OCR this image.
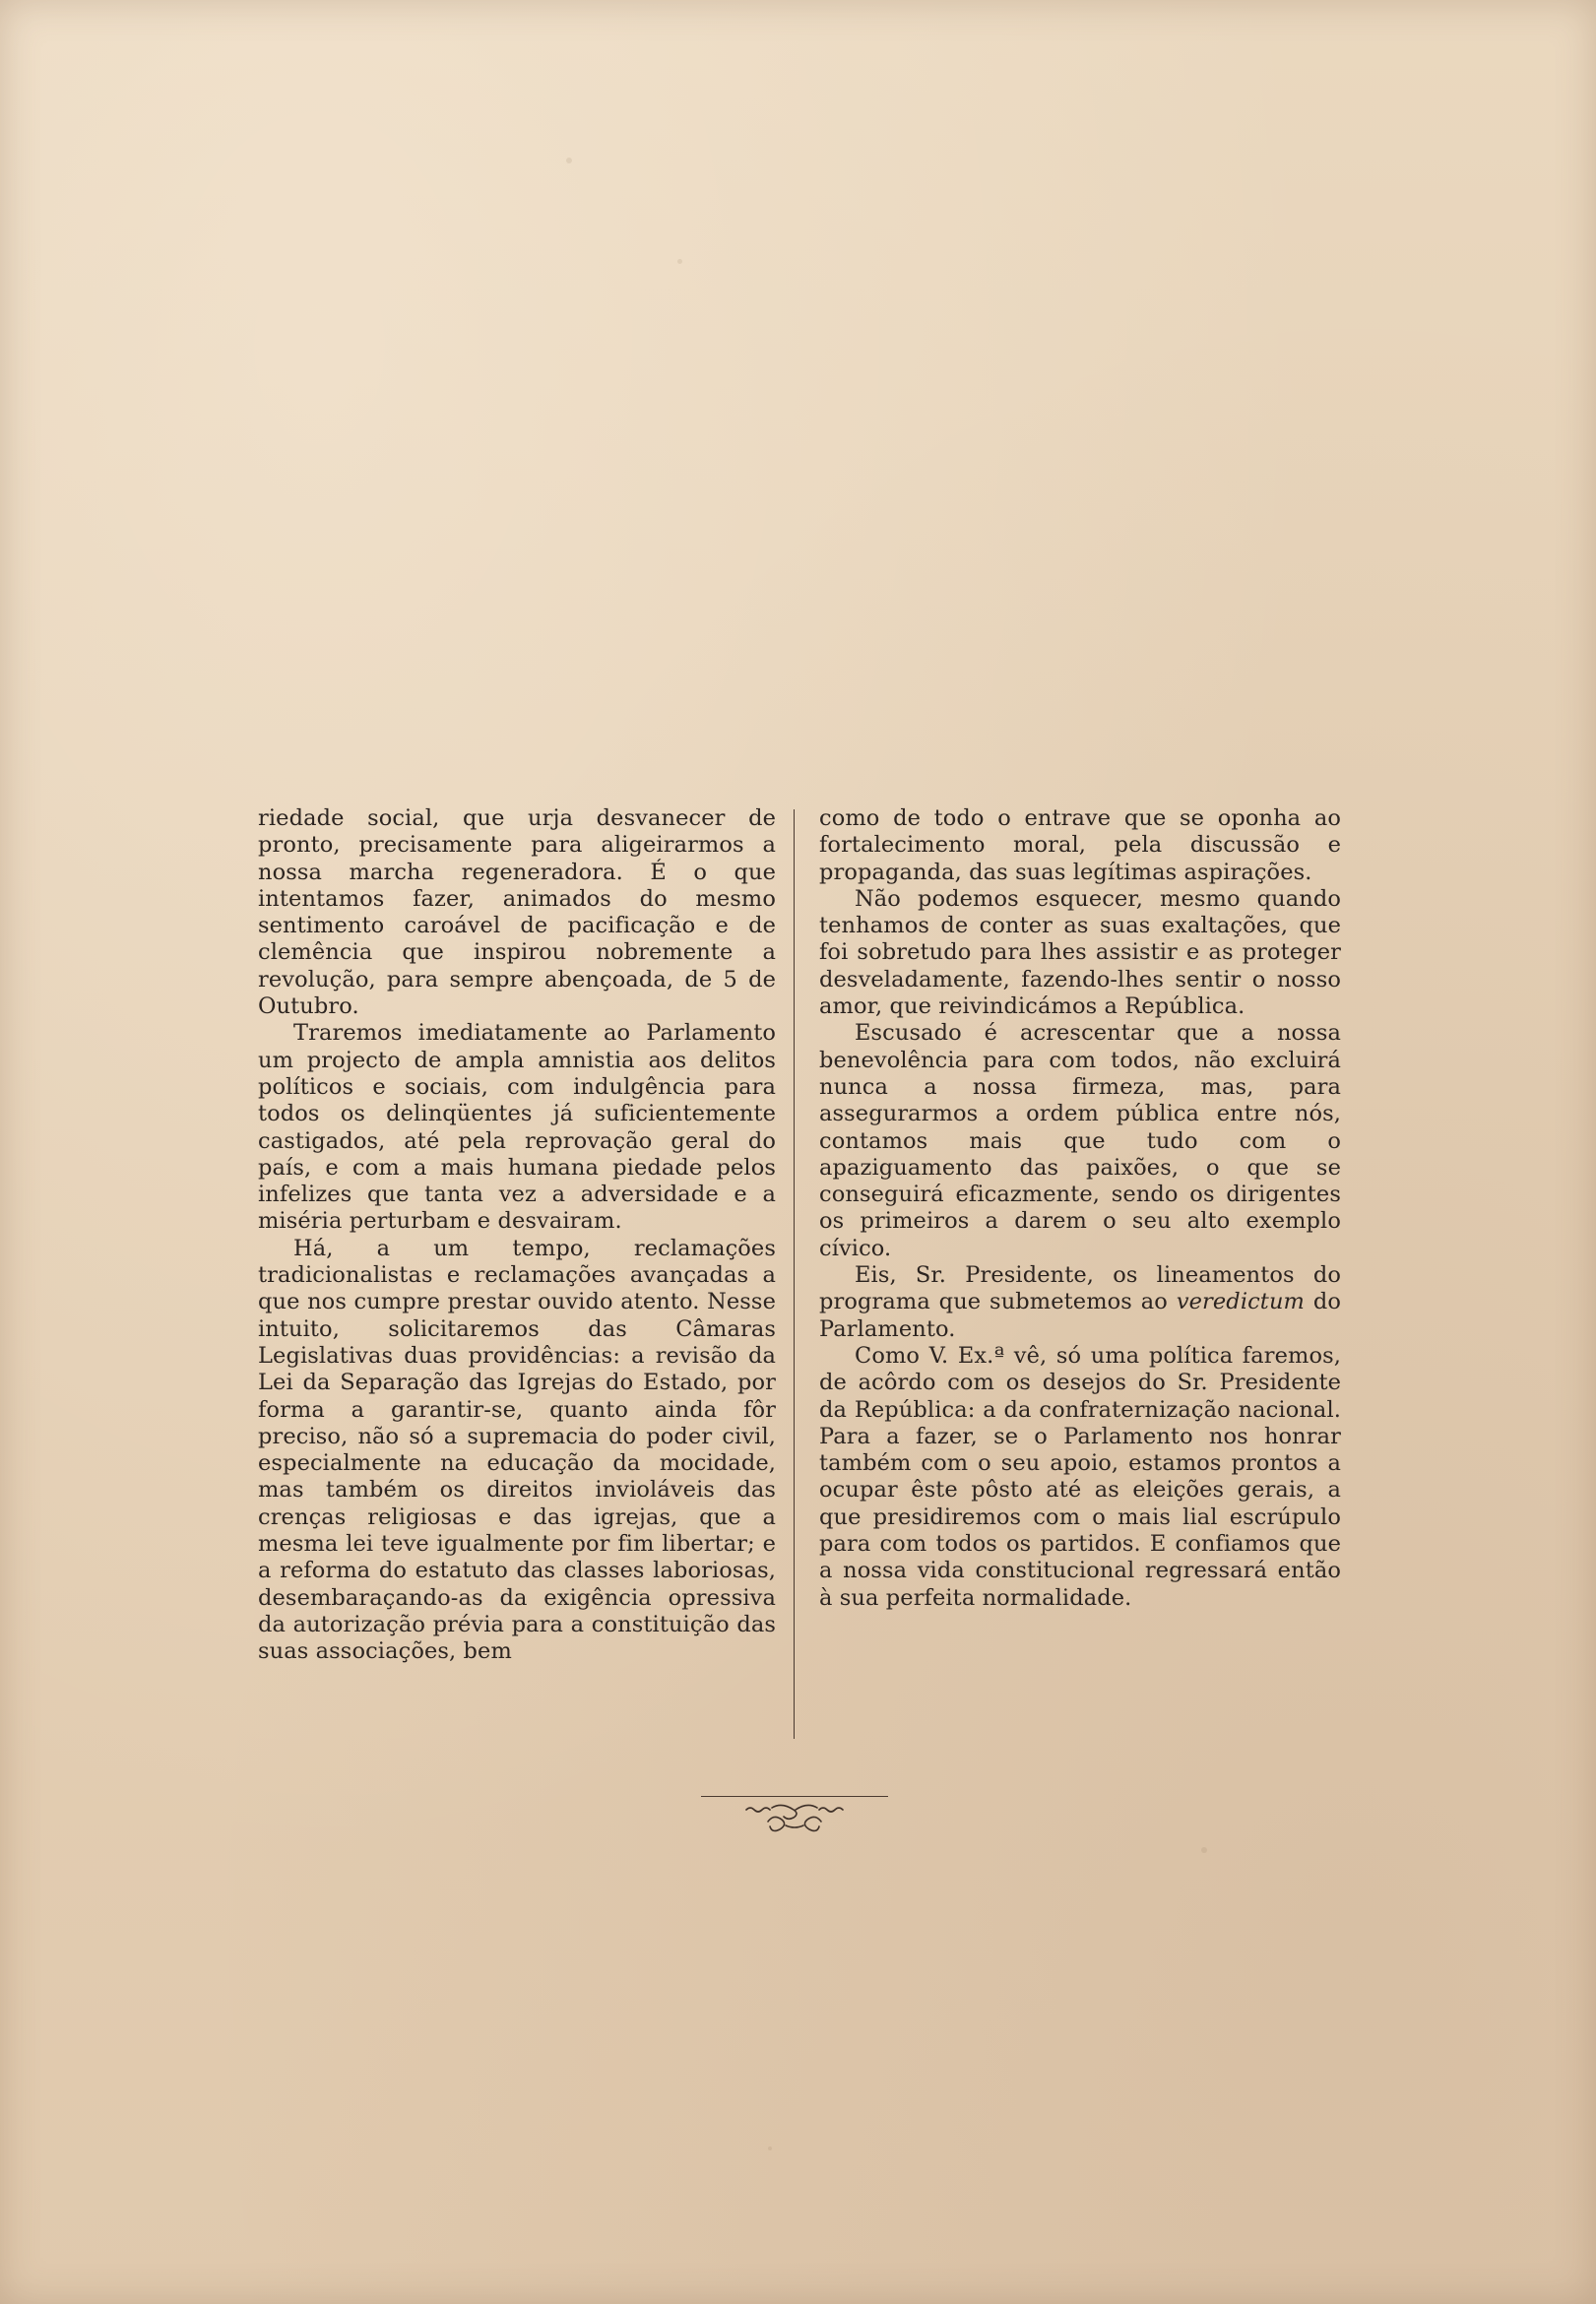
riedade social, que urja desvanecer de pronto, precisamente para aligeirarmos a nossa marcha regeneradora. É o que intentamos fazer, animados do mesmo sentimento caroável de pacificação e de clemência que inspirou nobremente a revolução, para sempre abençoada, de 5 de Outubro.

Traremos imediatamente ao Parlamento um projecto de ampla amnistia aos delitos políticos e sociais, com indulgência para todos os delinqüentes já suficientemente castigados, até pela reprovação geral do país, e com a mais humana piedade pelos infelizes que tanta vez a adversidade e a miséria perturbam e desvairam.

Há, a um tempo, reclamações tradicionalistas e reclamações avançadas a que nos cumpre prestar ouvido atento. Nesse intuito, solicitaremos das Câmaras Legislativas duas providências: a revisão da Lei da Separação das Igrejas do Estado, por forma a garantir-se, quanto ainda fôr preciso, não só a supremacia do poder civil, especialmente na educação da mocidade, mas também os direitos invioláveis das crenças religiosas e das igrejas, que a mesma lei teve igualmente por fim libertar; e a reforma do estatuto das classes laboriosas, desembaraçando-as da exigência opressiva da autorização prévia para a constituição das suas associações, bem

como de todo o entrave que se oponha ao fortalecimento moral, pela discussão e propaganda, das suas legítimas aspirações.

Não podemos esquecer, mesmo quando tenhamos de conter as suas exaltações, que foi sobretudo para lhes assistir e as proteger desveladamente, fazendo-lhes sentir o nosso amor, que reivindicámos a República.

Escusado é acrescentar que a nossa benevolência para com todos, não excluirá nunca a nossa firmeza, mas, para assegurarmos a ordem pública entre nós, contamos mais que tudo com o apaziguamento das paixões, o que se conseguirá eficazmente, sendo os dirigentes os primeiros a darem o seu alto exemplo cívico.

Eis, Sr. Presidente, os lineamentos do programa que submetemos ao veredictum do Parlamento.

Como V. Ex.ª vê, só uma política faremos, de acôrdo com os desejos do Sr. Presidente da República: a da confraternização nacional. Para a fazer, se o Parlamento nos honrar também com o seu apoio, estamos prontos a ocupar êste pôsto até as eleições gerais, a que presidiremos com o mais lial escrúpulo para com todos os partidos. E confiamos que a nossa vida constitucional regressará então à sua perfeita normalidade.
